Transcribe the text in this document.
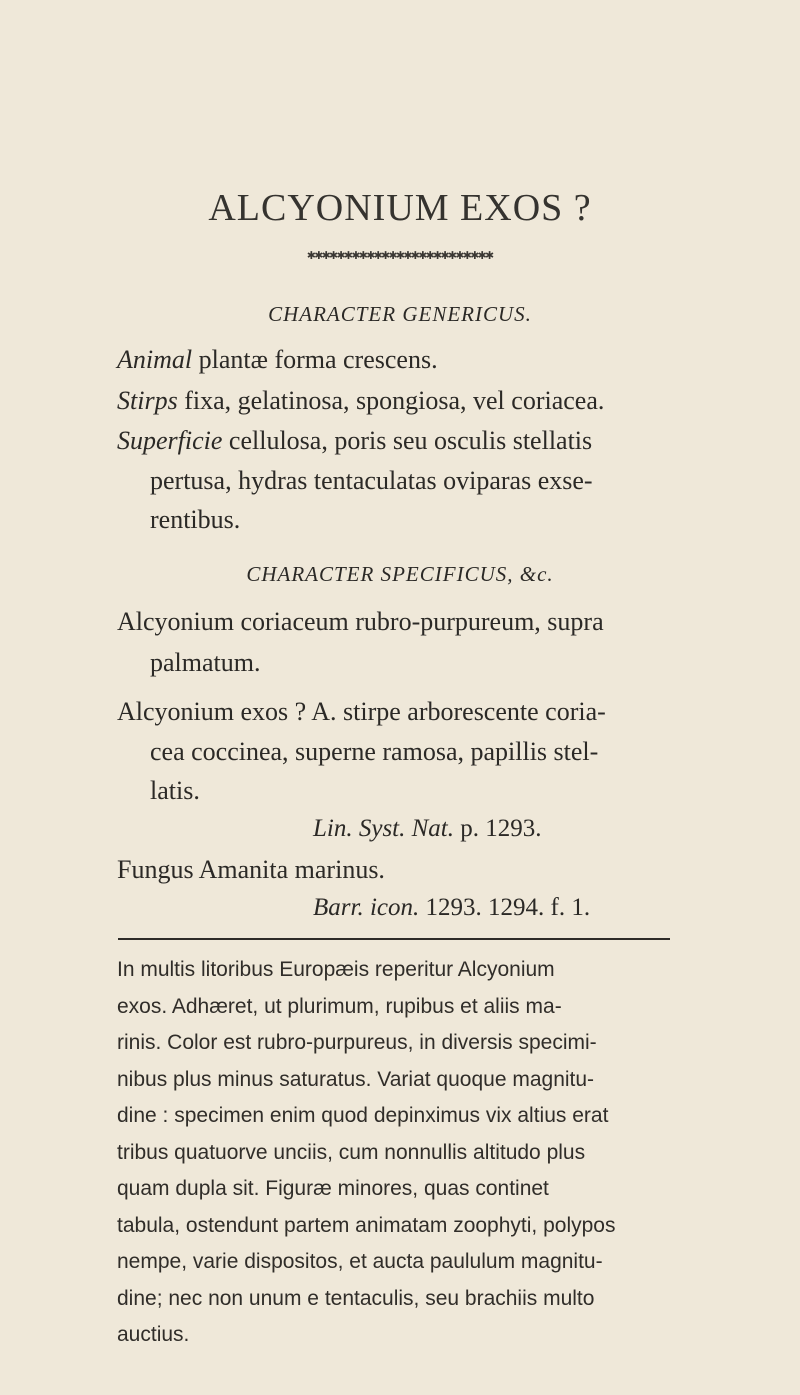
ALCYONIUM EXOS ?
✱✱✱✱✱✱✱✱✱✱✱✱✱✱✱✱✱✱✱✱✱✱✱✱✱
CHARACTER GENERICUS.
Animal plantæ forma crescens.
Stirps fixa, gelatinosa, spongiosa, vel coriacea.
Superficie cellulosa, poris seu osculis stellatis
pertusa, hydras tentaculatas oviparas exse-
rentibus.
CHARACTER SPECIFICUS, &c.
Alcyonium coriaceum rubro-purpureum, supra
palmatum.
Alcyonium exos ? A. stirpe arborescente coria-
cea coccinea, superne ramosa, papillis stel-
latis.
Lin. Syst. Nat. p. 1293.
Fungus Amanita marinus.
Barr. icon. 1293. 1294. f. 1.
In multis litoribus Europæis reperitur Alcyonium
exos. Adhæret, ut plurimum, rupibus et aliis ma-
rinis. Color est rubro-purpureus, in diversis specimi-
nibus plus minus saturatus. Variat quoque magnitu-
dine : specimen enim quod depinximus vix altius erat
tribus quatuorve unciis, cum nonnullis altitudo plus
quam dupla sit. Figuræ minores, quas continet
tabula, ostendunt partem animatam zoophyti, polypos
nempe, varie dispositos, et aucta paululum magnitu-
dine; nec non unum e tentaculis, seu brachiis multo
auctius.
